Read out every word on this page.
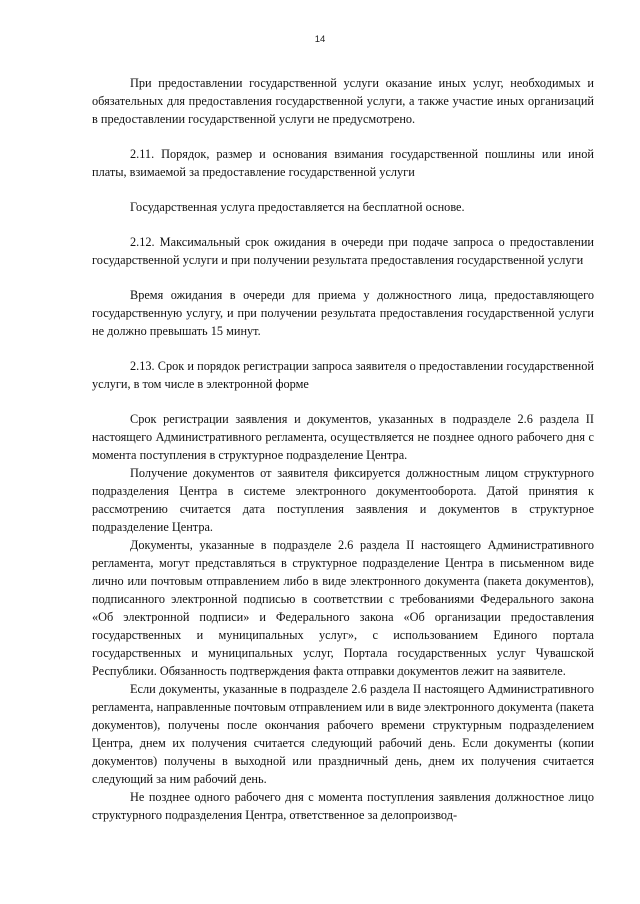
14

При предоставлении государственной услуги оказание иных услуг, необходимых и обязательных для предоставления государственной услуги, а также участие иных организаций в предоставлении государственной услуги не предусмотрено.

2.11. Порядок, размер и основания взимания государственной пошлины или иной платы, взимаемой за предоставление государственной услуги

Государственная услуга предоставляется на бесплатной основе.

2.12. Максимальный срок ожидания в очереди при подаче запроса о предоставлении государственной услуги и при получении результата предоставления государственной услуги

Время ожидания в очереди для приема у должностного лица, предоставляющего государственную услугу, и при получении результата предоставления государственной услуги не должно превышать 15 минут.

2.13. Срок и порядок регистрации запроса заявителя о предоставлении государственной услуги, в том числе в электронной форме

Срок регистрации заявления и документов, указанных в подразделе 2.6 раздела II настоящего Административного регламента, осуществляется не позднее одного рабочего дня с момента поступления в структурное подразделение Центра.

Получение документов от заявителя фиксируется должностным лицом структурного подразделения Центра в системе электронного документооборота. Датой принятия к рассмотрению считается дата поступления заявления и документов в структурное подразделение Центра.

Документы, указанные в подразделе 2.6 раздела II настоящего Административного регламента, могут представляться в структурное подразделение Центра в письменном виде лично или почтовым отправлением либо в виде электронного документа (пакета документов), подписанного электронной подписью в соответствии с требованиями Федерального закона «Об электронной подписи» и Федерального закона «Об организации предоставления государственных и муниципальных услуг», с использованием Единого портала государственных и муниципальных услуг, Портала государственных услуг Чувашской Республики. Обязанность подтверждения факта отправки документов лежит на заявителе.

Если документы, указанные в подразделе 2.6 раздела II настоящего Административного регламента, направленные почтовым отправлением или в виде электронного документа (пакета документов), получены после окончания рабочего времени структурным подразделением Центра, днем их получения считается следующий рабочий день. Если документы (копии документов) получены в выходной или праздничный день, днем их получения считается следующий за ним рабочий день.

Не позднее одного рабочего дня с момента поступления заявления должностное лицо структурного подразделения Центра, ответственное за делопроизвод-
